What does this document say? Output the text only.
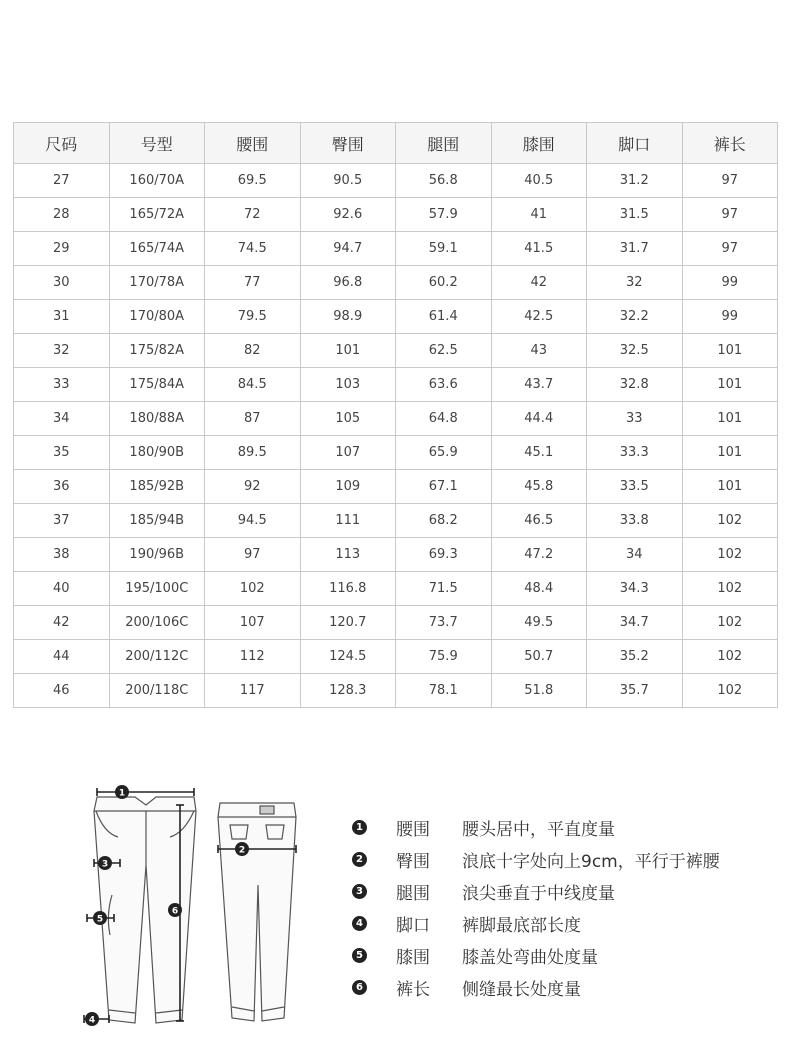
尺码	号型	腰围	臀围	腿围	膝围	脚口	裤长
27	160/70A	69.5	90.5	56.8	40.5	31.2	97
28	165/72A	72	92.6	57.9	41	31.5	97
29	165/74A	74.5	94.7	59.1	41.5	31.7	97
30	170/78A	77	96.8	60.2	42	32	99
31	170/80A	79.5	98.9	61.4	42.5	32.2	99
32	175/82A	82	101	62.5	43	32.5	101
33	175/84A	84.5	103	63.6	43.7	32.8	101
34	180/88A	87	105	64.8	44.4	33	101
35	180/90B	89.5	107	65.9	45.1	33.3	101
36	185/92B	92	109	67.1	45.8	33.5	101
37	185/94B	94.5	111	68.2	46.5	33.8	102
38	190/96B	97	113	69.3	47.2	34	102
40	195/100C	102	116.8	71.5	48.4	34.3	102
42	200/106C	107	120.7	73.7	49.5	34.7	102
44	200/112C	112	124.5	75.9	50.7	35.2	102
46	200/118C	117	128.3	78.1	51.8	35.7	102
1
2
3
4
5
6
1 腰围	腰头居中，平直度量
2 臀围	浪底十字处向上9cm，平行于裤腰
3 腿围	浪尖垂直于中线度量
4 脚口	裤脚最底部长度
5 膝围	膝盖处弯曲处度量
6 裤长	侧缝最长处度量
